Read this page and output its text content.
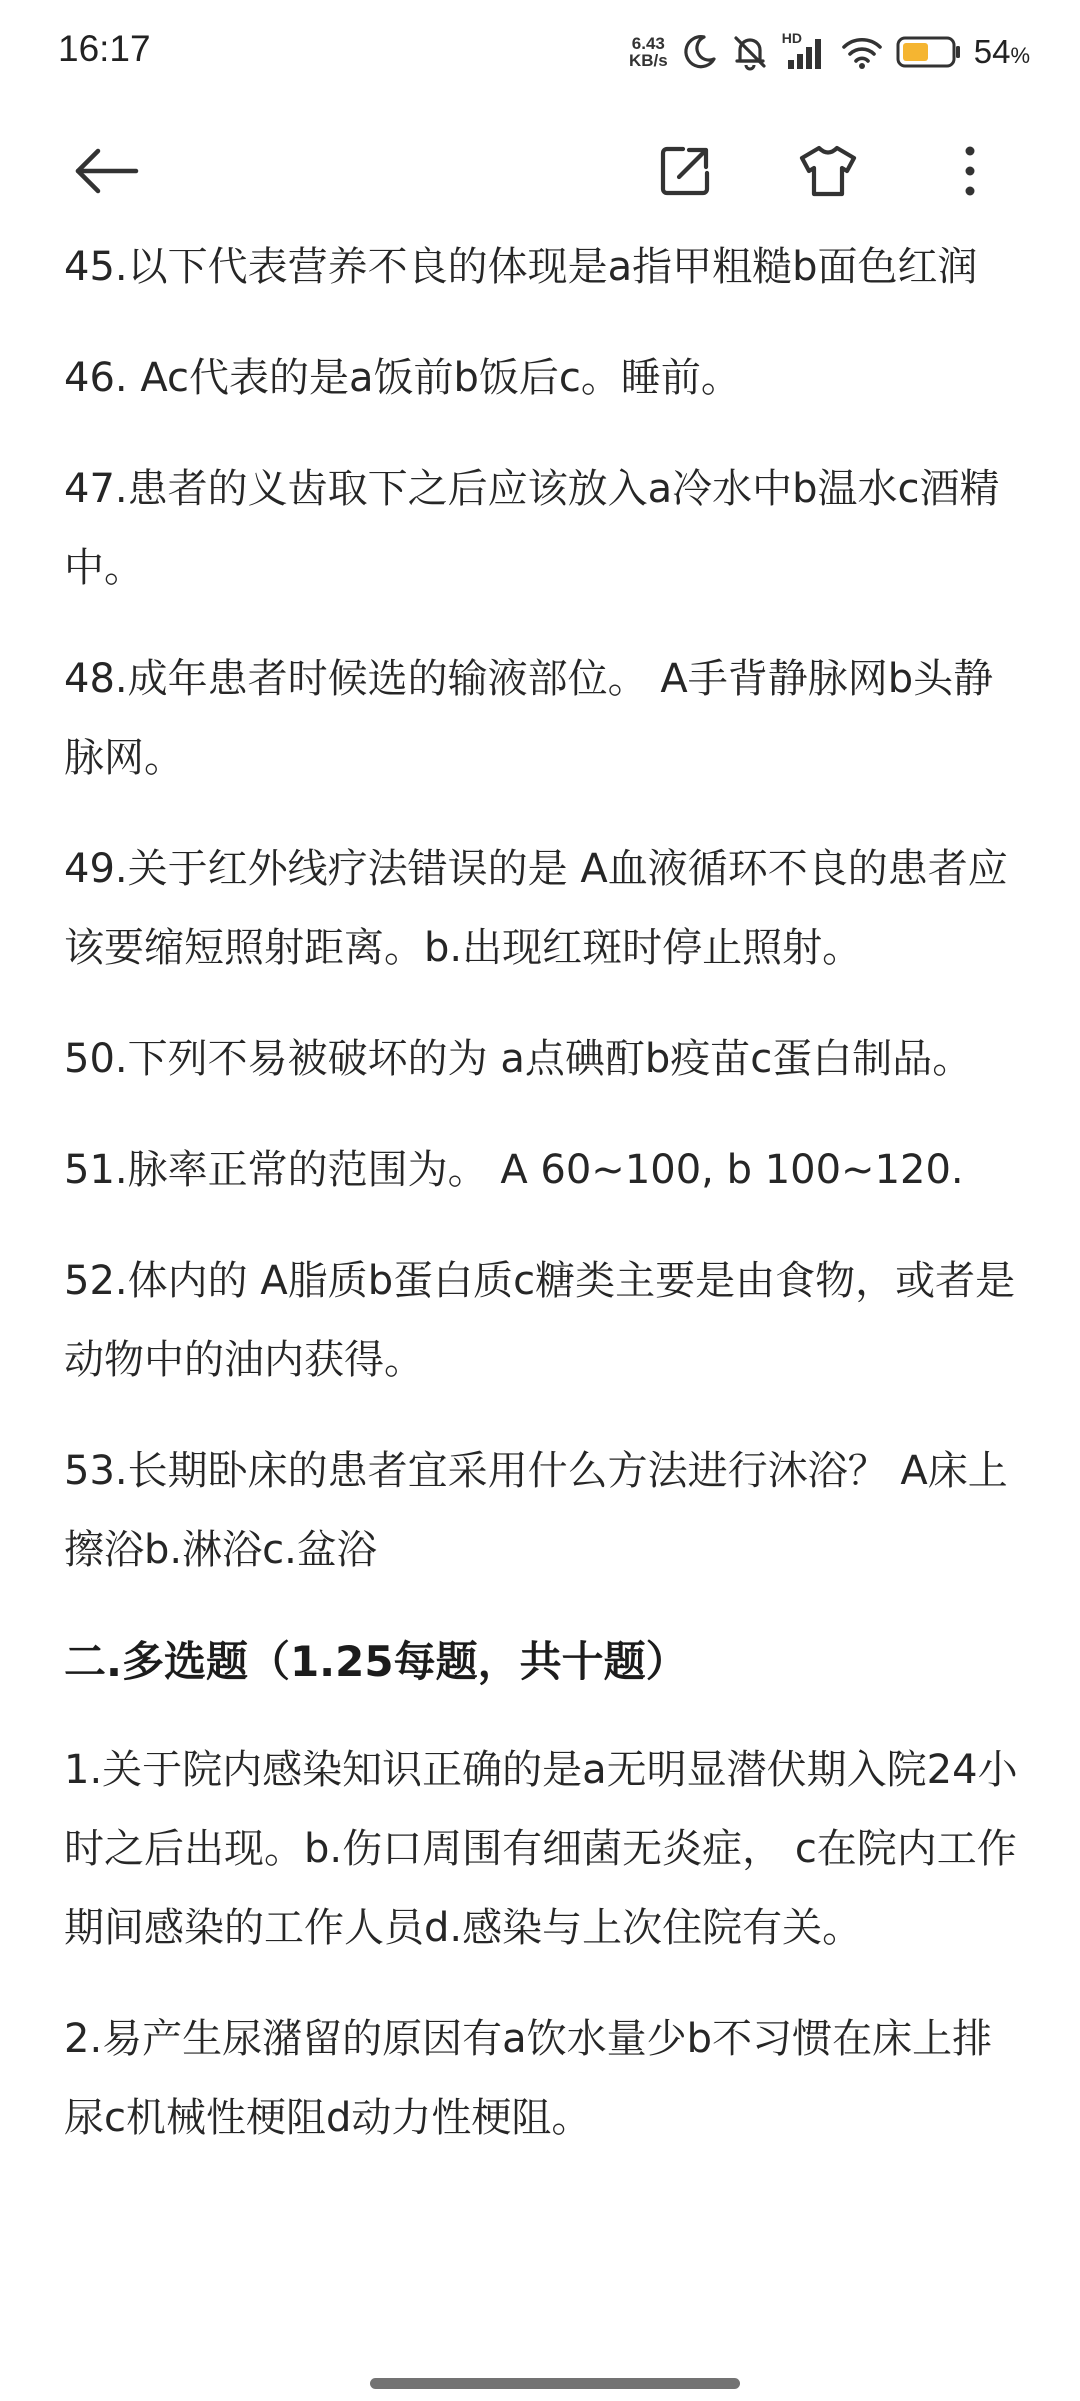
16:17	6.43
KB/s
HD	54%

45.以下代表营养不良的体现是a指甲粗糙b面色红润

46. Ac代表的是a饭前b饭后c。睡前。

47.患者的义齿取下之后应该放入a冷水中b温水c酒精中。

48.成年患者时候选的输液部位。 A手背静脉网b头静脉网。

49.关于红外线疗法错误的是 A血液循环不良的患者应该要缩短照射距离。b.出现红斑时停止照射。

50.下列不易被破坏的为 a点碘酊b疫苗c蛋白制品。

51.脉率正常的范围为。 A 60~100, b 100~120.

52.体内的 A脂质b蛋白质c糖类主要是由食物，或者是动物中的油内获得。

53.长期卧床的患者宜采用什么方法进行沐浴？ A床上擦浴b.淋浴c.盆浴

二.多选题（1.25每题，共十题）

1.关于院内感染知识正确的是a无明显潜伏期入院24小时之后出现。b.伤口周围有细菌无炎症， c在院内工作期间感染的工作人员d.感染与上次住院有关。

2.易产生尿潴留的原因有a饮水量少b不习惯在床上排尿c机械性梗阻d动力性梗阻。
